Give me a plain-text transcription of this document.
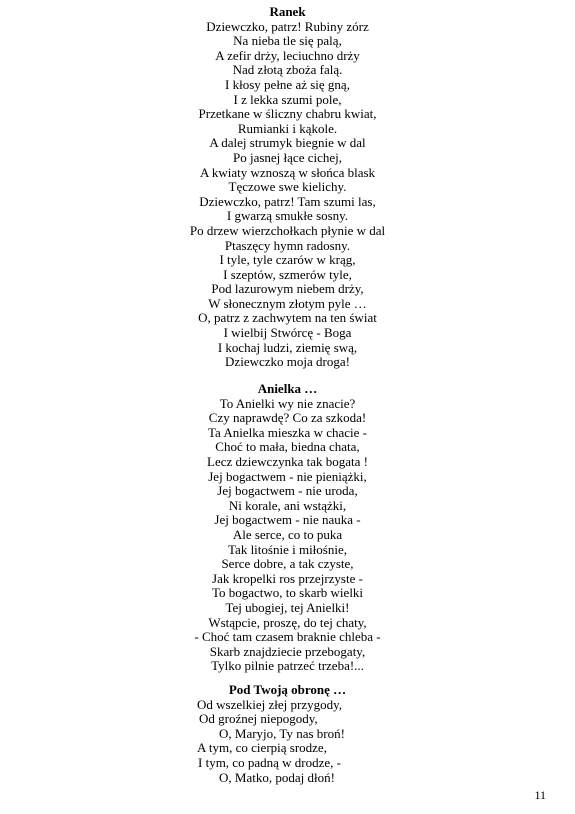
Ranek
Dziewczko, patrz! Rubiny zórz
Na nieba tle się palą,
A zefir drży, leciuchno drży
Nad złotą zboża falą.
I kłosy pełne aż się gną,
I z lekka szumi pole,
Przetkane w śliczny chabru kwiat,
Rumianki i kąkole.
A dalej strumyk biegnie w dal
Po jasnej łące cichej,
A kwiaty wznoszą w słońca blask
Tęczowe swe kielichy.
Dziewczko, patrz! Tam szumi las,
I gwarzą smukłe sosny.
Po drzew wierzchołkach płynie w dal
Ptaszęcy hymn radosny.
I tyle, tyle czarów w krąg,
I szeptów, szmerów tyle,
Pod lazurowym niebem drży,
W słonecznym złotym pyle …
O, patrz z zachwytem na ten świat
I wielbij Stwórcę - Boga
I kochaj ludzi, ziemię swą,
Dziewczko moja droga!
Anielka …
To Anielki wy nie znacie?
Czy naprawdę? Co za szkoda!
Ta Anielka mieszka w chacie -
Choć to mała, biedna chata,
Lecz dziewczynka tak bogata !
Jej bogactwem - nie pieniążki,
Jej bogactwem - nie uroda,
Ni korale, ani wstążki,
Jej bogactwem - nie nauka -
Ale serce, co to puka
Tak litośnie i miłośnie,
Serce dobre, a tak czyste,
Jak kropelki ros przejrzyste -
To bogactwo, to skarb wielki
Tej ubogiej, tej Anielki!
Wstąpcie, proszę, do tej chaty,
- Choć tam czasem braknie chleba -
Skarb znajdziecie przebogaty,
Tylko pilnie patrzeć trzeba!...
Pod Twoją obronę …
Od wszelkiej złej przygody,
Od groźnej niepogody,
O, Maryjo, Ty nas broń!
A tym, co cierpią srodze,
I tym, co padną w drodze, -
O, Matko, podaj dłoń!
11
